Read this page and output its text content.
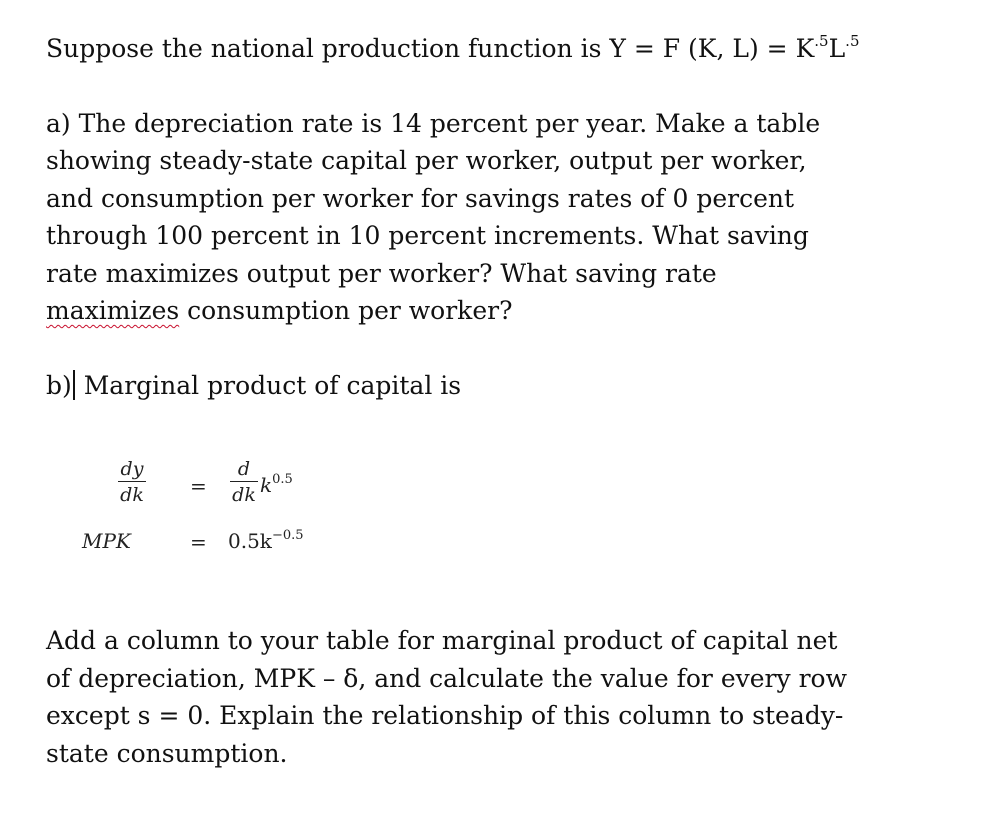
Suppose the national production function is Y = F (K, $L) = K^{.5}L^{.5}$

a) The depreciation rate is 14 percent per year. Make a table
showing steady-state capital per worker, output per worker,
and consumption per worker for savings rates of 0 percent
through 100 percent in 10 percent increments. What saving
rate maximizes output per worker? What saving rate
maximizes consumption per worker?

b) Marginal product of capital is

dy
dk =
d
dk $k^{0.5}$
MPK	= $0.5k^{-0.5}$

Add a column to your table for marginal product of capital net
of depreciation, MPK – δ, and calculate the value for every row
except s = 0. Explain the relationship of this column to steady-
state consumption.
